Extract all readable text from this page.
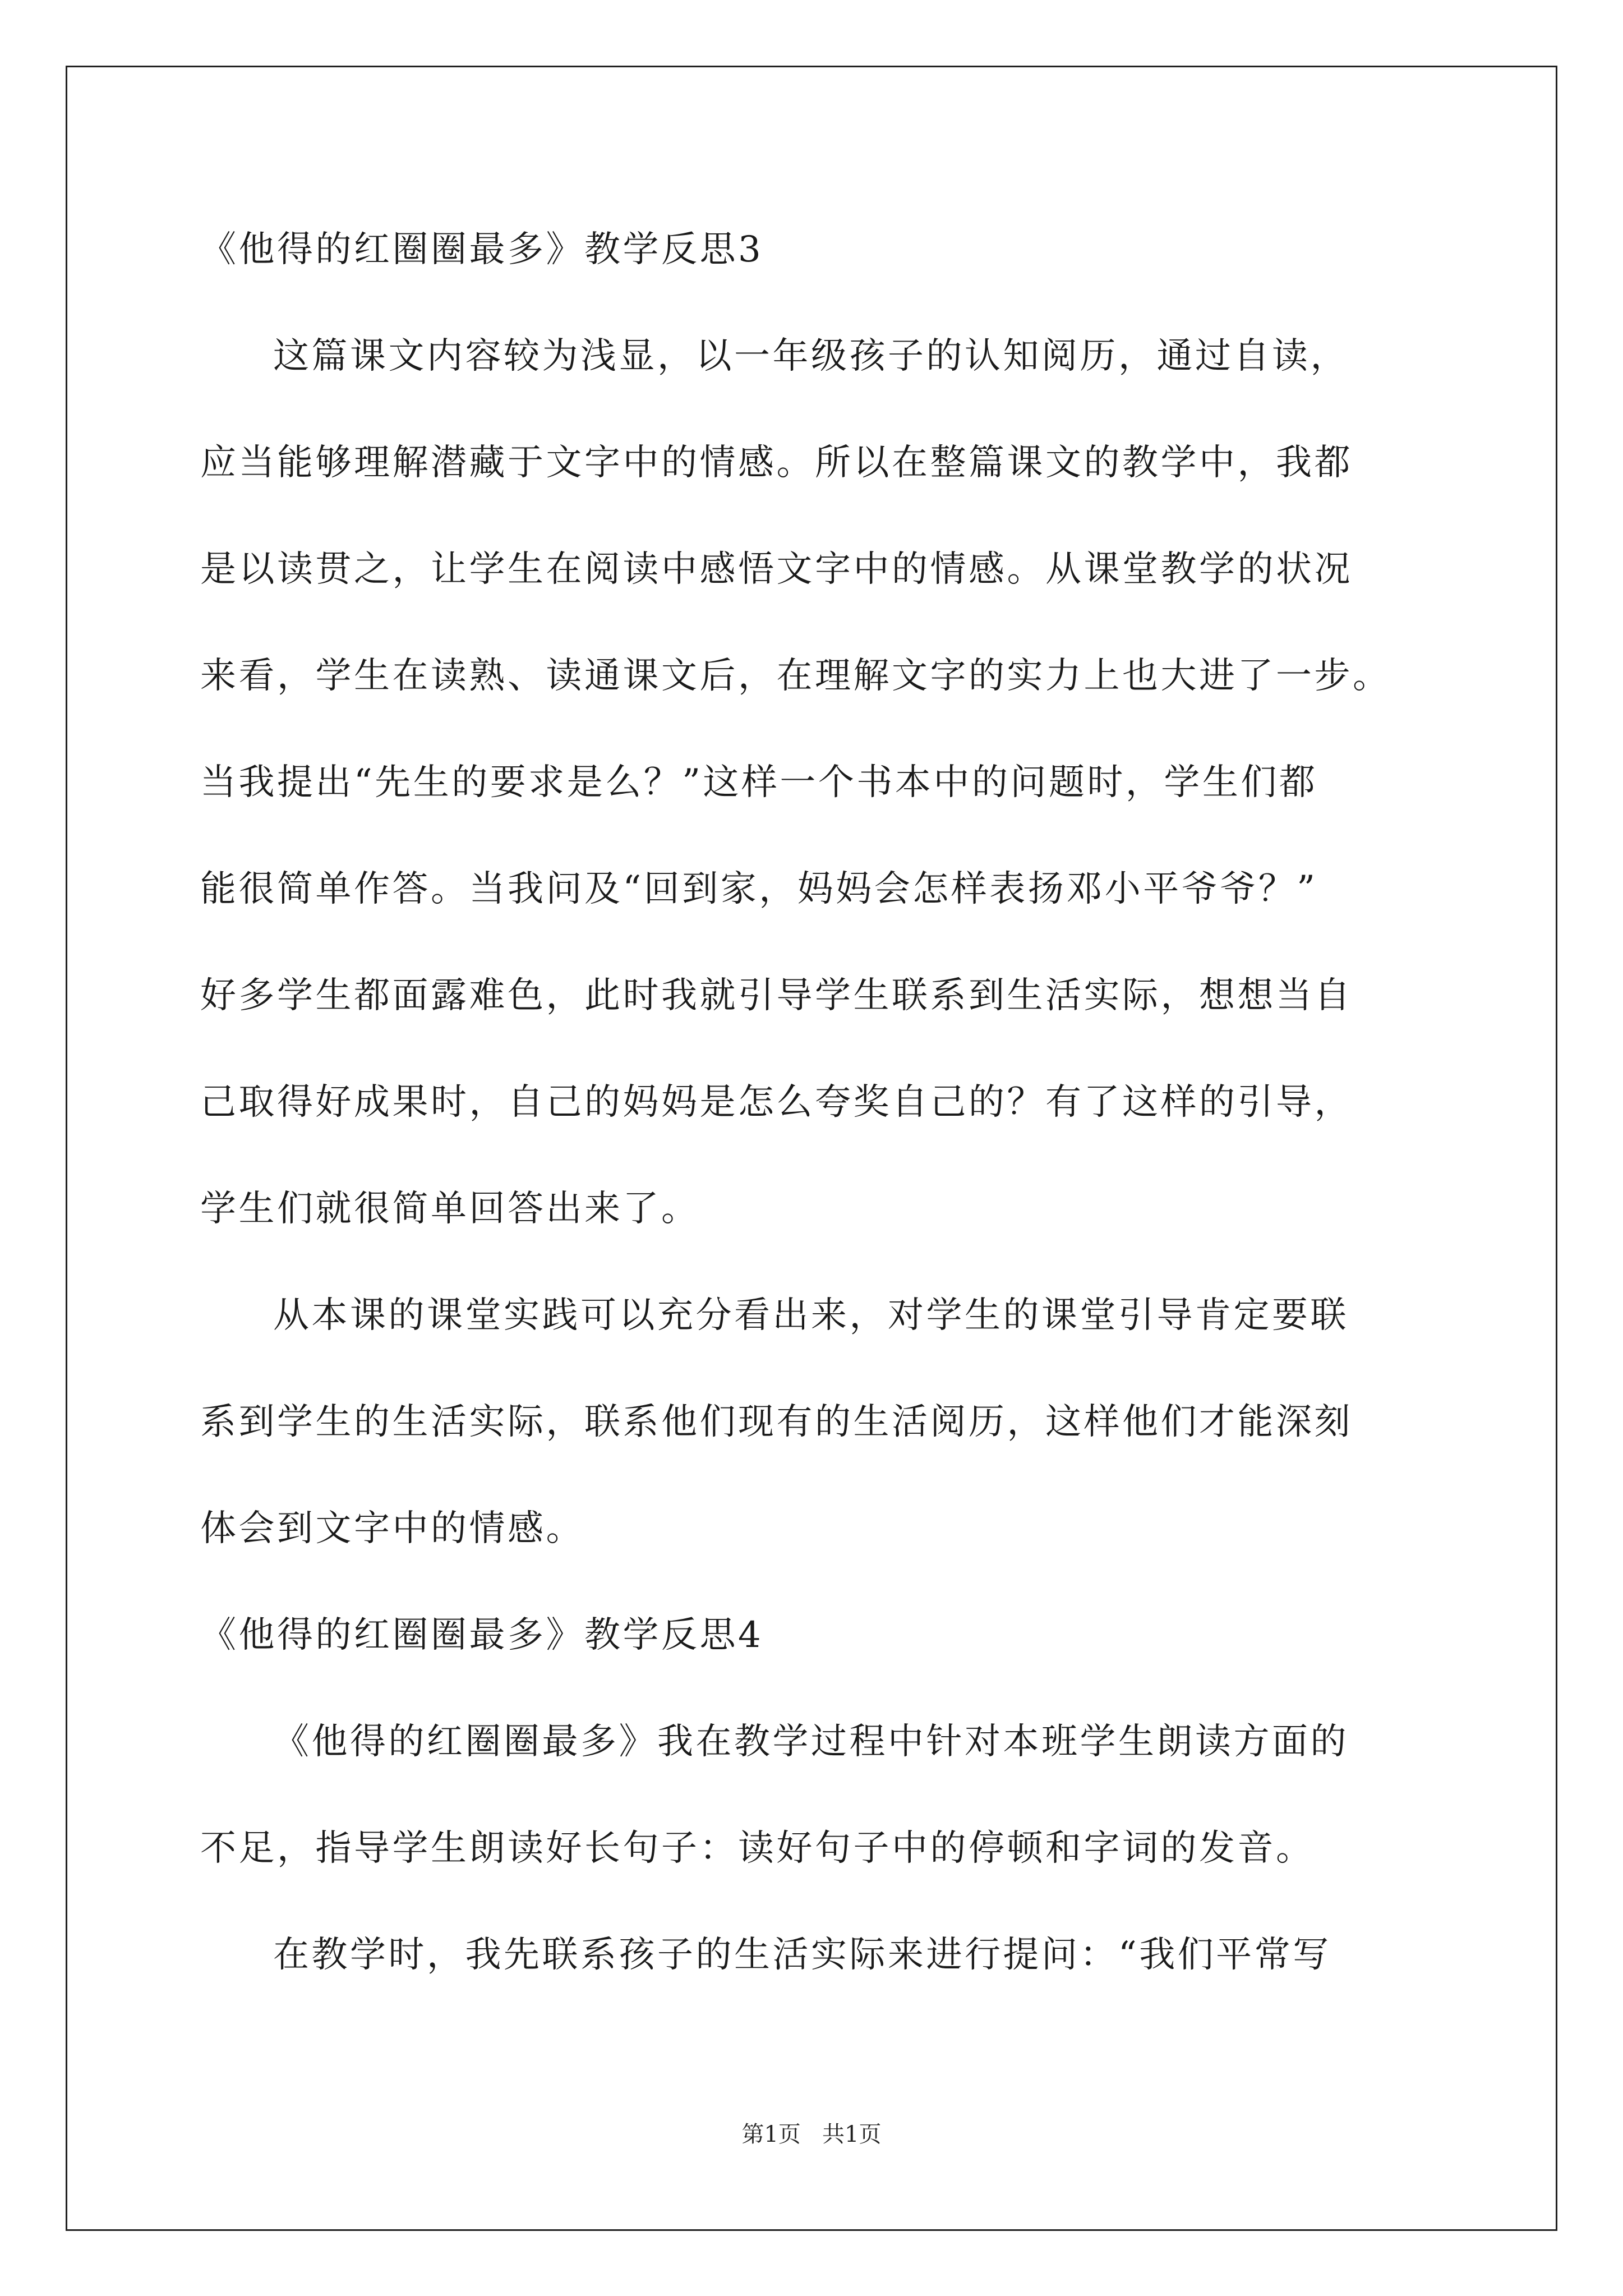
《他得的红圈圈最多》教学反思3
这篇课文内容较为浅显，以一年级孩子的认知阅历，通过自读，
应当能够理解潜藏于文字中的情感。所以在整篇课文的教学中，我都
是以读贯之，让学生在阅读中感悟文字中的情感。从课堂教学的状况
来看，学生在读熟、读通课文后，在理解文字的实力上也大进了一步。
当我提出“先生的要求是么？”这样一个书本中的问题时，学生们都
能很简单作答。当我问及“回到家，妈妈会怎样表扬邓小平爷爷？”
好多学生都面露难色，此时我就引导学生联系到生活实际，想想当自
己取得好成果时，自己的妈妈是怎么夸奖自己的？有了这样的引导，
学生们就很简单回答出来了。
从本课的课堂实践可以充分看出来，对学生的课堂引导肯定要联
系到学生的生活实际，联系他们现有的生活阅历，这样他们才能深刻
体会到文字中的情感。
《他得的红圈圈最多》教学反思4
《他得的红圈圈最多》我在教学过程中针对本班学生朗读方面的
不足，指导学生朗读好长句子：读好句子中的停顿和字词的发音。
在教学时，我先联系孩子的生活实际来进行提问：“我们平常写
第1页   共1页
